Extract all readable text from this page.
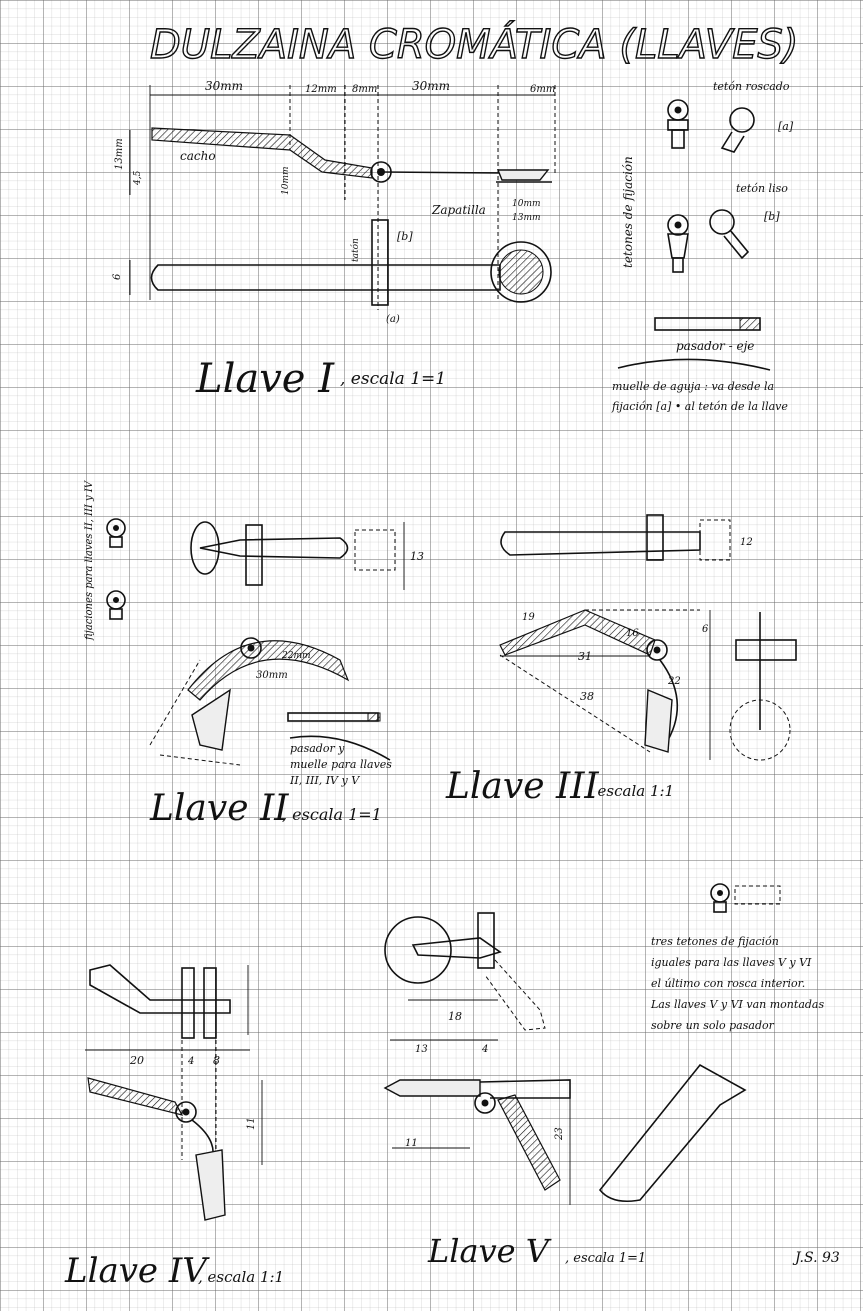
DULZAINA CROMÁTICA (LLAVES)
30mm	12mm 8mm	30mm	6mm
13mm
4,5	10mm
10mm
13mm
6
cacho
Zapatilla
tatón
[b]
(a)
Llave I , escala 1=1
tetón roscado
[a]
tetón liso
[b]
tetones de fijación
pasador - eje
muelle de aguja : va desde la
fijación [a] • al tetón de la llave
fijaciones para llaves II, III y IV	13
30mm
22mm
pasador y
muelle para llaves
II, III, IV y V
Llave II
, escala 1=1
12
19
16
31
22
38
6
Llave III
, escala 1:1
tres tetones de fijación
iguales para las llaves V y VI
el último con rosca interior.
Las llaves V y VI van montadas
sobre un solo pasador
20	4 8
11
Llave IV
, escala 1:1
18
13	4
23
11
Llave V , escala 1=1	J.S. 93
